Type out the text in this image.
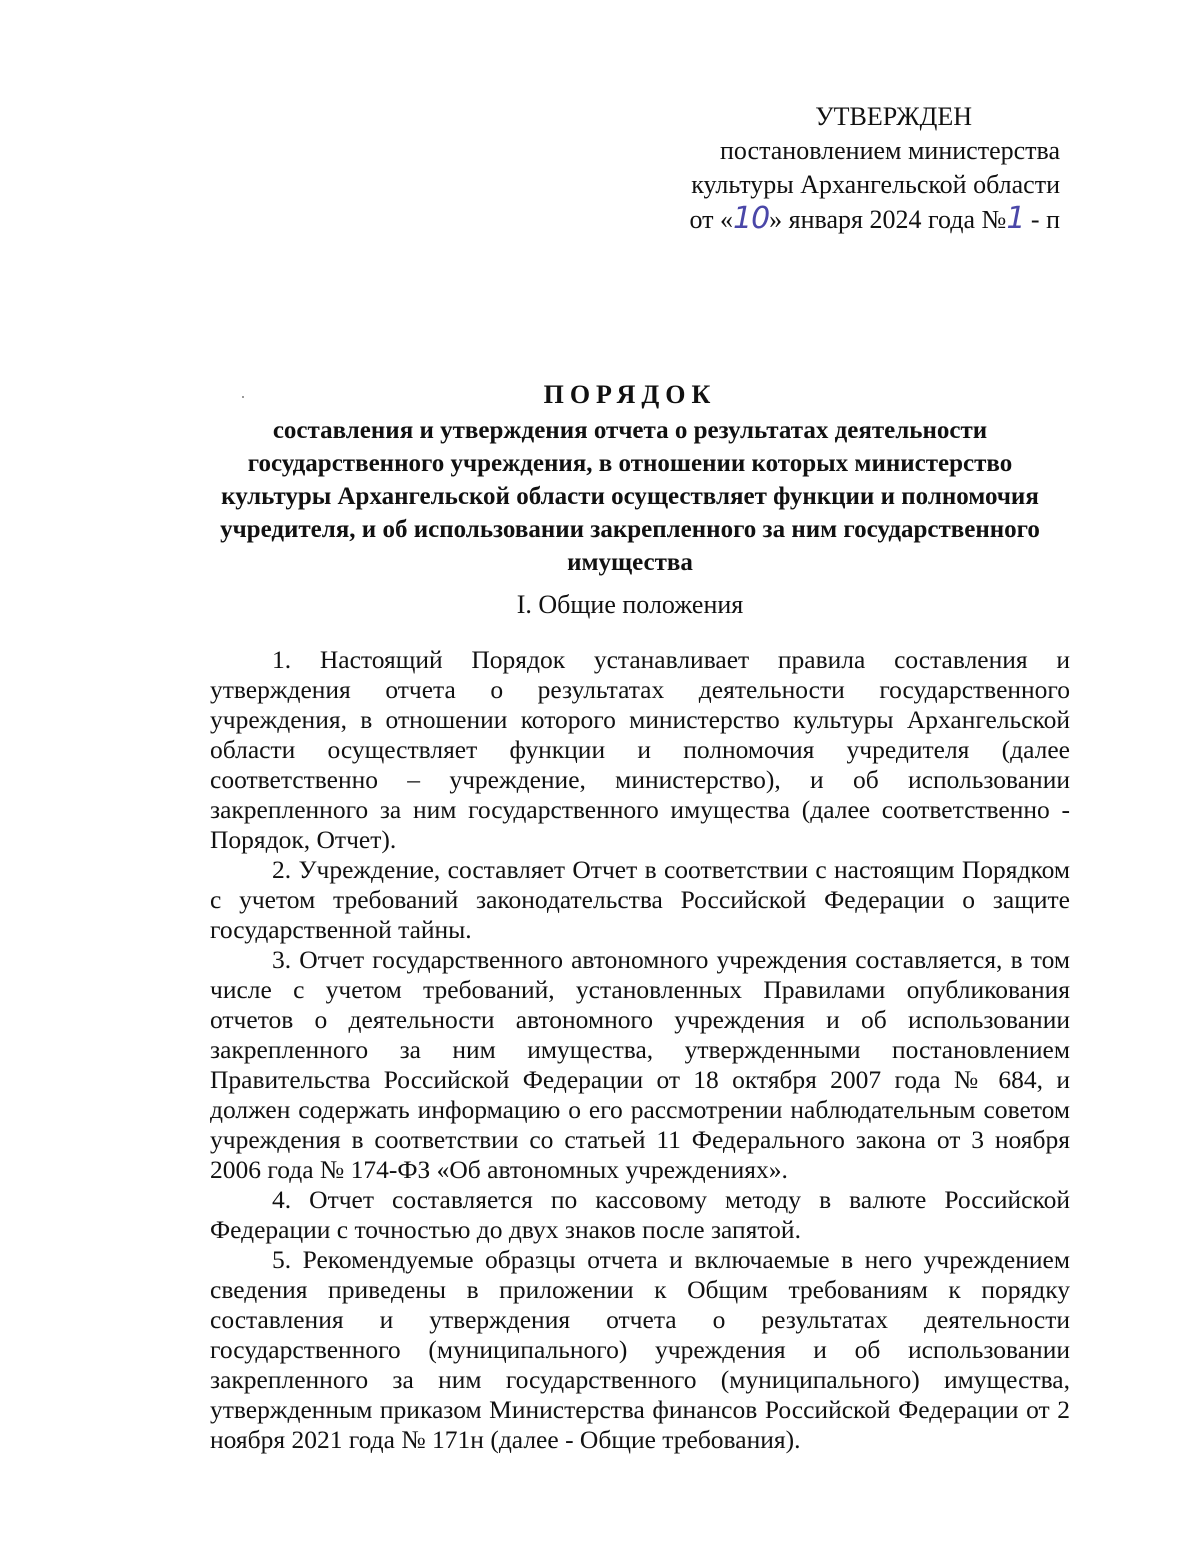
УТВЕРЖДЕН
постановлением министерства
культуры Архангельской области
от «10» января 2024 года №1 - п
ПОРЯДОК
составления и утверждения отчета о результатах деятельности государственного учреждения, в отношении которых министерство культуры Архангельской области осуществляет функции и полномочия учредителя, и об использовании закрепленного за ним государственного имущества
I. Общие положения

1. Настоящий Порядок устанавливает правила составления и утверждения отчета о результатах деятельности государственного учреждения, в отношении которого министерство культуры Архангельской области осуществляет функции и полномочия учредителя (далее соответственно – учреждение, министерство), и об использовании закрепленного за ним государственного имущества (далее соответственно - Порядок, Отчет).

2. Учреждение, составляет Отчет в соответствии с настоящим Порядком с учетом требований законодательства Российской Федерации о защите государственной тайны.

3. Отчет государственного автономного учреждения составляется, в том числе с учетом требований, установленных Правилами опубликования отчетов о деятельности автономного учреждения и об использовании закрепленного за ним имущества, утвержденными постановлением Правительства Российской Федерации от 18 октября 2007 года № 684, и должен содержать информацию о его рассмотрении наблюдательным советом учреждения в соответствии со статьей 11 Федерального закона от 3 ноября 2006 года № 174-ФЗ «Об автономных учреждениях».

4. Отчет составляется по кассовому методу в валюте Российской Федерации с точностью до двух знаков после запятой.

5. Рекомендуемые образцы отчета и включаемые в него учреждением сведения приведены в приложении к Общим требованиям к порядку составления и утверждения отчета о результатах деятельности государственного (муниципального) учреждения и об использовании закрепленного за ним государственного (муниципального) имущества, утвержденным приказом Министерства финансов Российской Федерации от 2 ноября 2021 года № 171н (далее - Общие требования).
